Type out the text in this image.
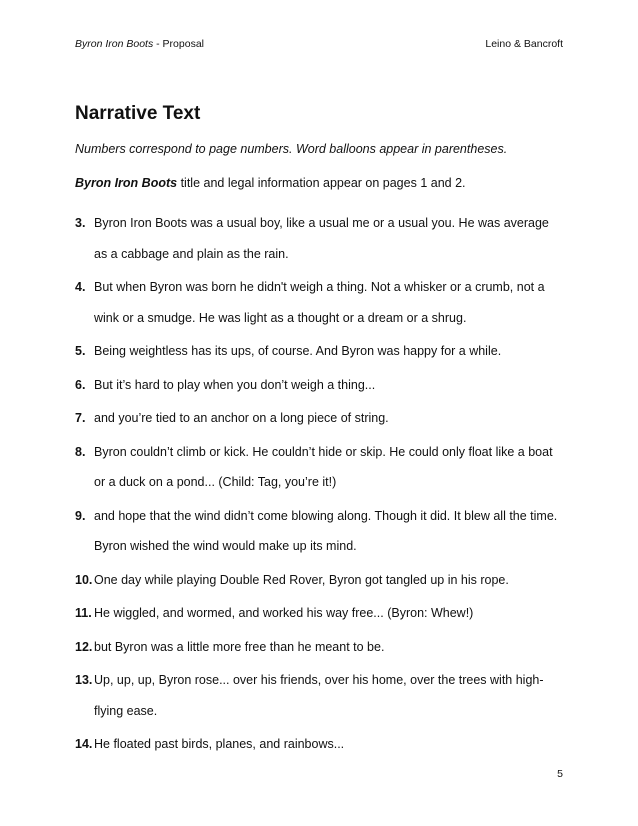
Byron Iron Boots - Proposal	Leino & Bancroft
Narrative Text
Numbers correspond to page numbers. Word balloons appear in parentheses.
Byron Iron Boots title and legal information appear on pages 1 and 2.
3. Byron Iron Boots was a usual boy, like a usual me or a usual you. He was average as a cabbage and plain as the rain.
4. But when Byron was born he didn't weigh a thing. Not a whisker or a crumb, not a wink or a smudge. He was light as a thought or a dream or a shrug.
5. Being weightless has its ups, of course. And Byron was happy for a while.
6. But it’s hard to play when you don’t weigh a thing...
7. and you’re tied to an anchor on a long piece of string.
8. Byron couldn’t climb or kick. He couldn’t hide or skip. He could only float like a boat or a duck on a pond... (Child: Tag, you’re it!)
9. and hope that the wind didn’t come blowing along. Though it did. It blew all the time. Byron wished the wind would make up its mind.
10. One day while playing Double Red Rover, Byron got tangled up in his rope.
11. He wiggled, and wormed, and worked his way free... (Byron: Whew!)
12. but Byron was a little more free than he meant to be.
13. Up, up, up, Byron rose... over his friends, over his home, over the trees with high-flying ease.
14. He floated past birds, planes, and rainbows...
5
